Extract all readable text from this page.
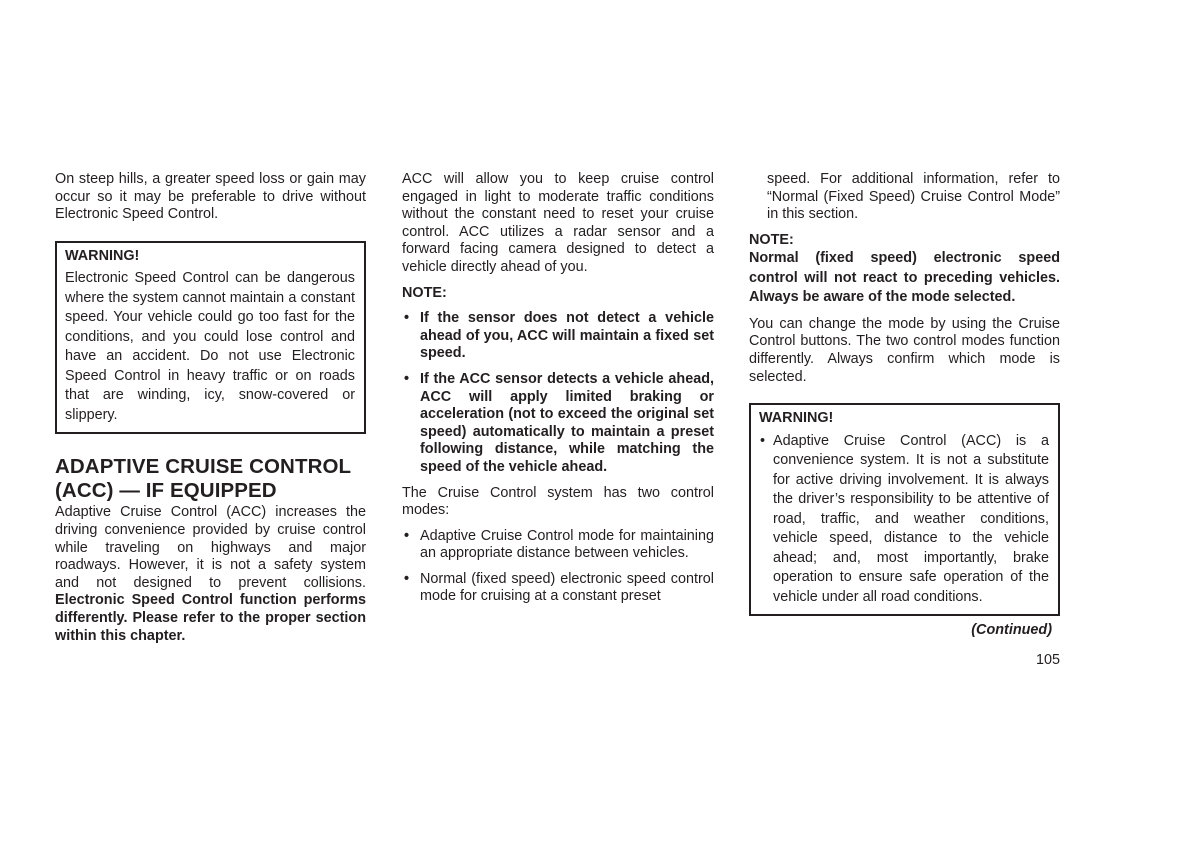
On steep hills, a greater speed loss or gain may occur so it may be preferable to drive without Electronic Speed Control.

WARNING!
Electronic Speed Control can be dangerous where the system cannot maintain a constant speed. Your vehicle could go too fast for the conditions, and you could lose control and have an accident. Do not use Electronic Speed Control in heavy traffic or on roads that are winding, icy, snow-covered or slippery.
ADAPTIVE CRUISE CONTROL (ACC) — IF EQUIPPED

Adaptive Cruise Control (ACC) increases the driving convenience provided by cruise control while traveling on highways and major roadways. However, it is not a safety system and not designed to prevent collisions. Electronic Speed Control function performs differently. Please refer to the proper section within this chapter.

ACC will allow you to keep cruise control engaged in light to moderate traffic conditions without the constant need to reset your cruise control. ACC utilizes a radar sensor and a forward facing camera designed to detect a vehicle directly ahead of you.

NOTE:

• If the sensor does not detect a vehicle ahead of you, ACC will maintain a fixed set speed.
• If the ACC sensor detects a vehicle ahead, ACC will apply limited braking or acceleration (not to exceed the original set speed) automatically to maintain a preset following distance, while matching the speed of the vehicle ahead.

The Cruise Control system has two control modes:

• Adaptive Cruise Control mode for maintaining an appropriate distance between vehicles.
• Normal (fixed speed) electronic speed control mode for cruising at a constant preset

speed. For additional information, refer to “Normal (Fixed Speed) Cruise Control Mode” in this section.

NOTE:

Normal (fixed speed) electronic speed control will not react to preceding vehicles. Always be aware of the mode selected.

You can change the mode by using the Cruise Control buttons. The two control modes function differently. Always confirm which mode is selected.

WARNING!
• Adaptive Cruise Control (ACC) is a convenience system. It is not a substitute for active driving involvement. It is always the driver’s responsibility to be attentive of road, traffic, and weather conditions, vehicle speed, distance to the vehicle ahead; and, most importantly, brake operation to ensure safe operation of the vehicle under all road conditions.
(Continued)
105
